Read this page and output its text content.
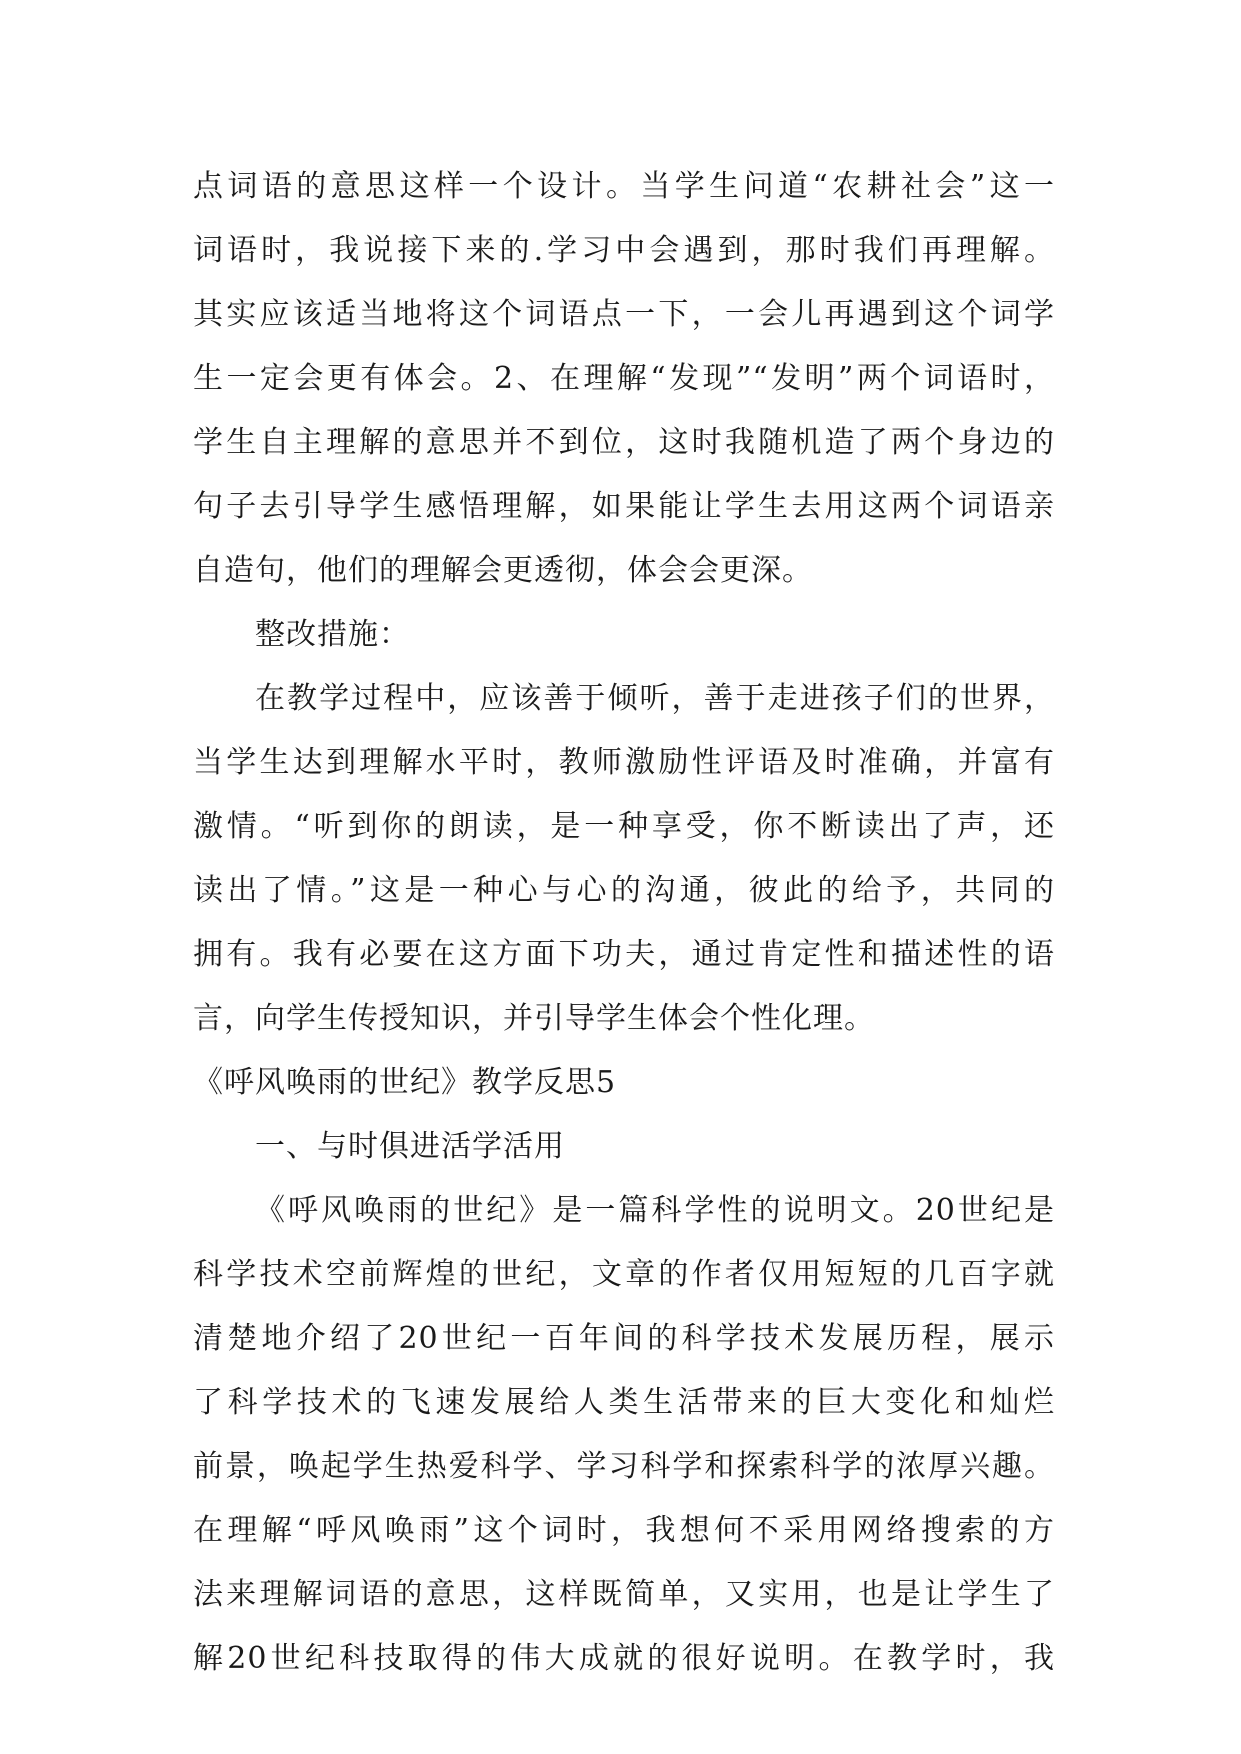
点词语的意思这样一个设计。当学生问道“农耕社会”这一
词语时，我说接下来的.学习中会遇到，那时我们再理解。
其实应该适当地将这个词语点一下，一会儿再遇到这个词学
生一定会更有体会。2、在理解“发现”“发明”两个词语时，
学生自主理解的意思并不到位，这时我随机造了两个身边的
句子去引导学生感悟理解，如果能让学生去用这两个词语亲
自造句，他们的理解会更透彻，体会会更深。
整改措施：
在教学过程中，应该善于倾听，善于走进孩子们的世界，
当学生达到理解水平时，教师激励性评语及时准确，并富有
激情。“听到你的朗读，是一种享受，你不断读出了声，还
读出了情。”这是一种心与心的沟通，彼此的给予，共同的
拥有。我有必要在这方面下功夫，通过肯定性和描述性的语
言，向学生传授知识，并引导学生体会个性化理。
《呼风唤雨的世纪》教学反思5
一、与时俱进活学活用
《呼风唤雨的世纪》是一篇科学性的说明文。20世纪是
科学技术空前辉煌的世纪，文章的作者仅用短短的几百字就
清楚地介绍了20世纪一百年间的科学技术发展历程，展示
了科学技术的飞速发展给人类生活带来的巨大变化和灿烂
前景，唤起学生热爱科学、学习科学和探索科学的浓厚兴趣。
在理解“呼风唤雨”这个词时，我想何不采用网络搜索的方
法来理解词语的意思，这样既简单，又实用，也是让学生了
解20世纪科技取得的伟大成就的很好说明。在教学时，我
